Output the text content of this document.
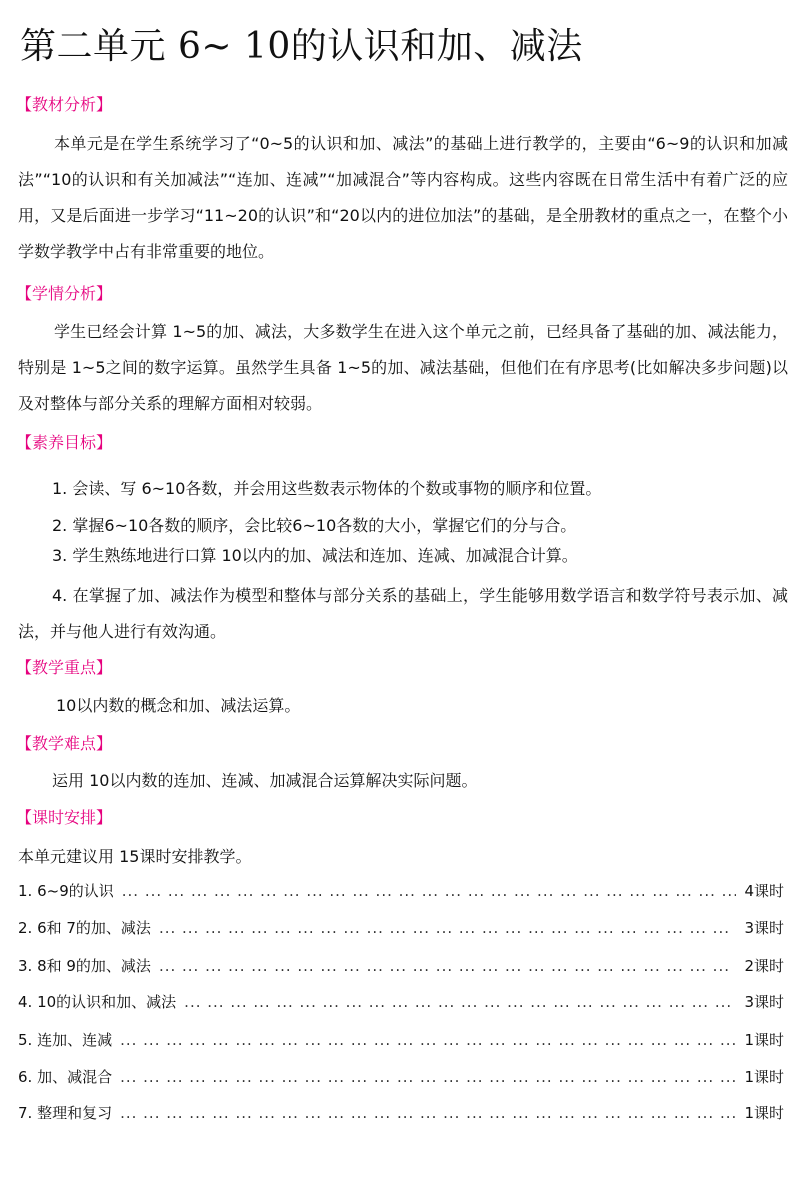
第二单元 6~ 10的认识和加、减法
【教材分析】

本单元是在学生系统学习了“0~5的认识和加、减法”的基础上进行教学的，主要由“6~9的认识和加减法”“10的认识和有关加减法”“连加、连减”“加减混合”等内容构成。这些内容既在日常生活中有着广泛的应用，又是后面进一步学习“11~20的认识”和“20以内的进位加法”的基础，是全册教材的重点之一，在整个小学数学教学中占有非常重要的地位。

【学情分析】

学生已经会计算 1~5的加、减法，大多数学生在进入这个单元之前，已经具备了基础的加、减法能力，特别是 1~5之间的数字运算。虽然学生具备 1~5的加、减法基础，但他们在有序思考(比如解决多步问题)以及对整体与部分关系的理解方面相对较弱。

【素养目标】
1. 会读、写 6~10各数，并会用这些数表示物体的个数或事物的顺序和位置。
2. 掌握6~10各数的顺序，会比较6~10各数的大小，掌握它们的分与合。
3. 学生熟练地进行口算 10以内的加、减法和连加、连减、加减混合计算。

4. 在掌握了加、减法作为模型和整体与部分关系的基础上，学生能够用数学语言和数学符号表示加、减法，并与他人进行有效沟通。

【教学重点】
10以内数的概念和加、减法运算。
【教学难点】
运用 10以内数的连加、连减、加减混合运算解决实际问题。
【课时安排】
本单元建议用 15课时安排教学。
1. 6~9的认识 ... .	4课时
2. 6和 7的加、减法 ... .	3课时
3. 8和 9的加、减法 ... .	2课时
4. 10的认识和加、减法 ... .	3课时
5. 连加、连减 ... .	1课时
6. 加、减混合 ... .	1课时
7. 整理和复习 ... .	1课时
